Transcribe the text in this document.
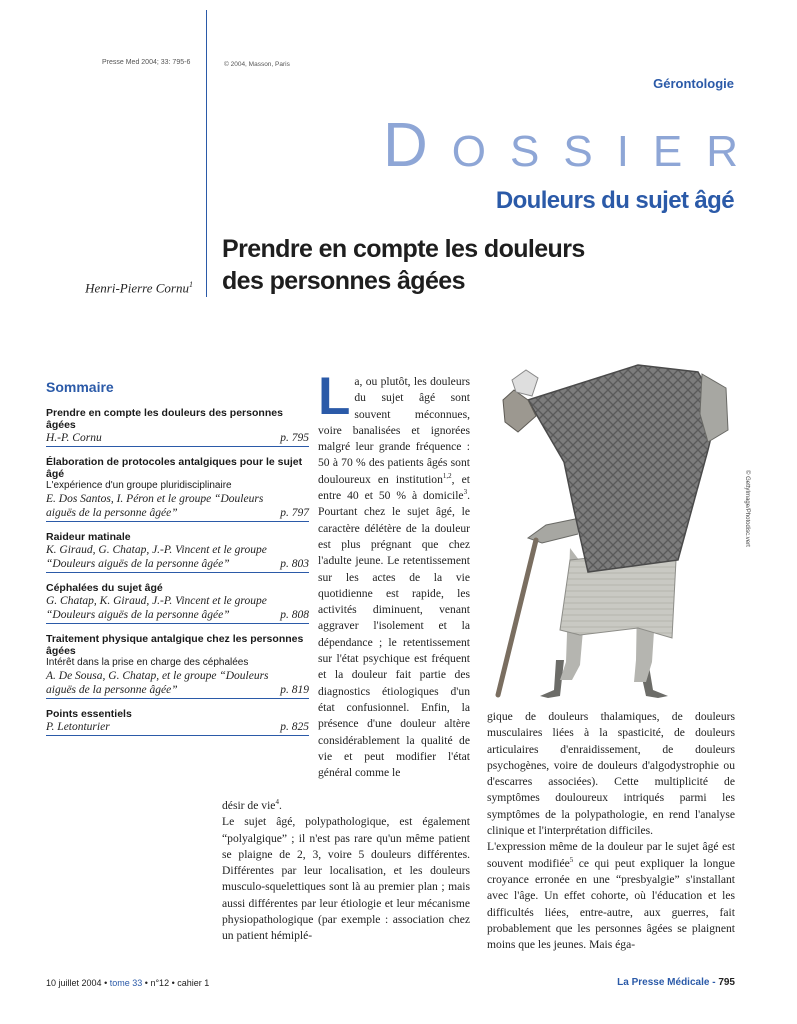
Presse Med 2004; 33: 795-6	© 2004, Masson, Paris
Gérontologie
DOSSIER
Douleurs du sujet âgé
Prendre en compte les douleurs
des personnes âgées
Henri-Pierre Cornu$^1$
Sommaire
Prendre en compte les douleurs des personnes âgées
H.-P. Cornu	p. 795
Élaboration de protocoles antalgiques pour le sujet âgé
L'expérience d'un groupe pluridisciplinaire
E. Dos Santos, I. Péron et le groupe “Douleurs aiguës de la personne âgée”	p. 797
Raideur matinale
K. Giraud, G. Chatap, J.-P. Vincent et le groupe “Douleurs aiguës de la personne âgée”	p. 803
Céphalées du sujet âgé
G. Chatap, K. Giraud, J.-P. Vincent et le groupe “Douleurs aiguës de la personne âgée”	p. 808
Traitement physique antalgique chez les personnes âgées
Intérêt dans la prise en charge des céphalées
A. De Sousa, G. Chatap, et le groupe “Douleurs aiguës de la personne âgée”	p. 819
Points essentiels
P. Letonturier	p. 825
La, ou plutôt, les douleurs du sujet âgé sont souvent méconnues, voire banalisées et ignorées malgré leur grande fréquence : 50 à 70 % des patients âgés sont douloureux en institution$^{1,2}$, et entre 40 et 50 % à domicile$^3$. Pourtant chez le sujet âgé, le caractère délétère de la douleur est plus prégnant que chez l'adulte jeune. Le retentissement sur les actes de la vie quotidienne est rapide, les activités diminuent, venant aggraver l'isolement et la dépendance ; le retentissement sur l'état psychique est fréquent et la douleur fait partie des diagnostics étiologiques d'un état confusionnel. Enfin, la présence d'une douleur altère considérablement la qualité de vie et peut modifier l'état général comme le
désir de vie$^4$.
Le sujet âgé, polypathologique, est également “polyalgique” ; il n'est pas rare qu'un même patient se plaigne de 2, 3, voire 5 douleurs différentes. Différentes par leur localisation, et les douleurs musculo-squelettiques sont là au premier plan ; mais aussi différentes par leur étiologie et leur mécanisme physiopathologique (par exemple : association chez un patient hémiplé-
gique de douleurs thalamiques, de douleurs musculaires liées à la spasticité, de douleurs articulaires d'enraidissement, de douleurs psychogènes, voire de douleurs d'algodystrophie ou d'escarres associées). Cette multiplicité de symptômes douloureux intriqués parmi les symptômes de la polypathologie, en rend l'analyse clinique et l'interprétation difficiles.
L'expression même de la douleur par le sujet âgé est souvent modifiée$^5$ ce qui peut expliquer la longue croyance erronée en une “presbyalgie” s'installant avec l'âge. Un effet cohorte, où l'éducation et les difficultés liées, entre-autre, aux guerres, fait probablement que les personnes âgées se plaignent moins que les jeunes. Mais éga-
© GettyImage/Photodisc.vert
10 juillet 2004 • tome 33 • n°12 • cahier 1	La Presse Médicale - 795
